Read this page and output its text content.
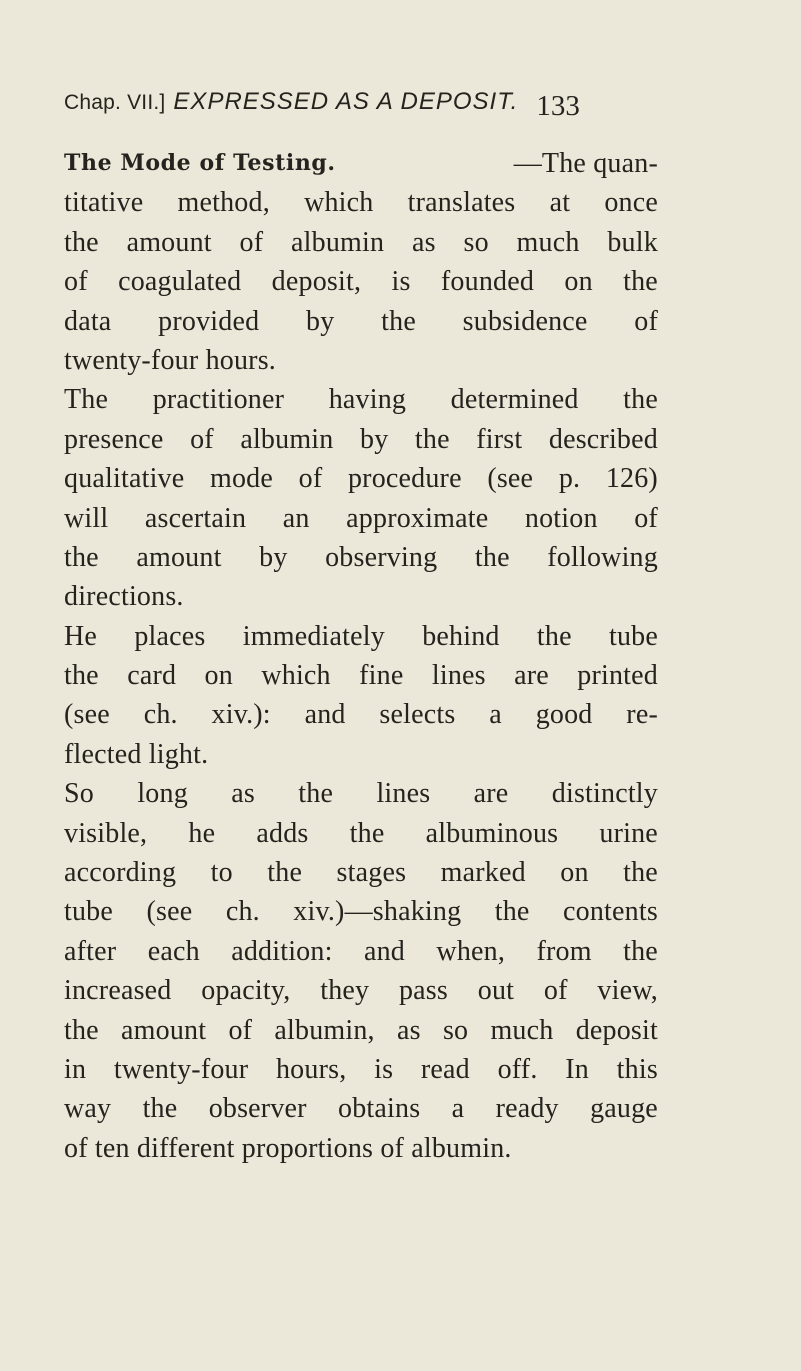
Chap. VII.] EXPRESSED AS A DEPOSIT. 133
The Mode of Testing.	—The quan-
titative method, which translates at once
the amount of albumin as so much bulk
of coagulated deposit, is founded on the
data provided by the subsidence of
twenty-four hours.
The practitioner having determined the
presence of albumin by the first described
qualitative mode of procedure (see p. 126)
will ascertain an approximate notion of
the amount by observing the following
directions.
He places immediately behind the tube
the card on which fine lines are printed
(see ch. xiv.): and selects a good re-
flected light.
So long as the lines are distinctly
visible, he adds the albuminous urine
according to the stages marked on the
tube (see ch. xiv.)—shaking the contents
after each addition: and when, from the
increased opacity, they pass out of view,
the amount of albumin, as so much deposit
in twenty-four hours, is read off. In this
way the observer obtains a ready gauge
of ten different proportions of albumin.
